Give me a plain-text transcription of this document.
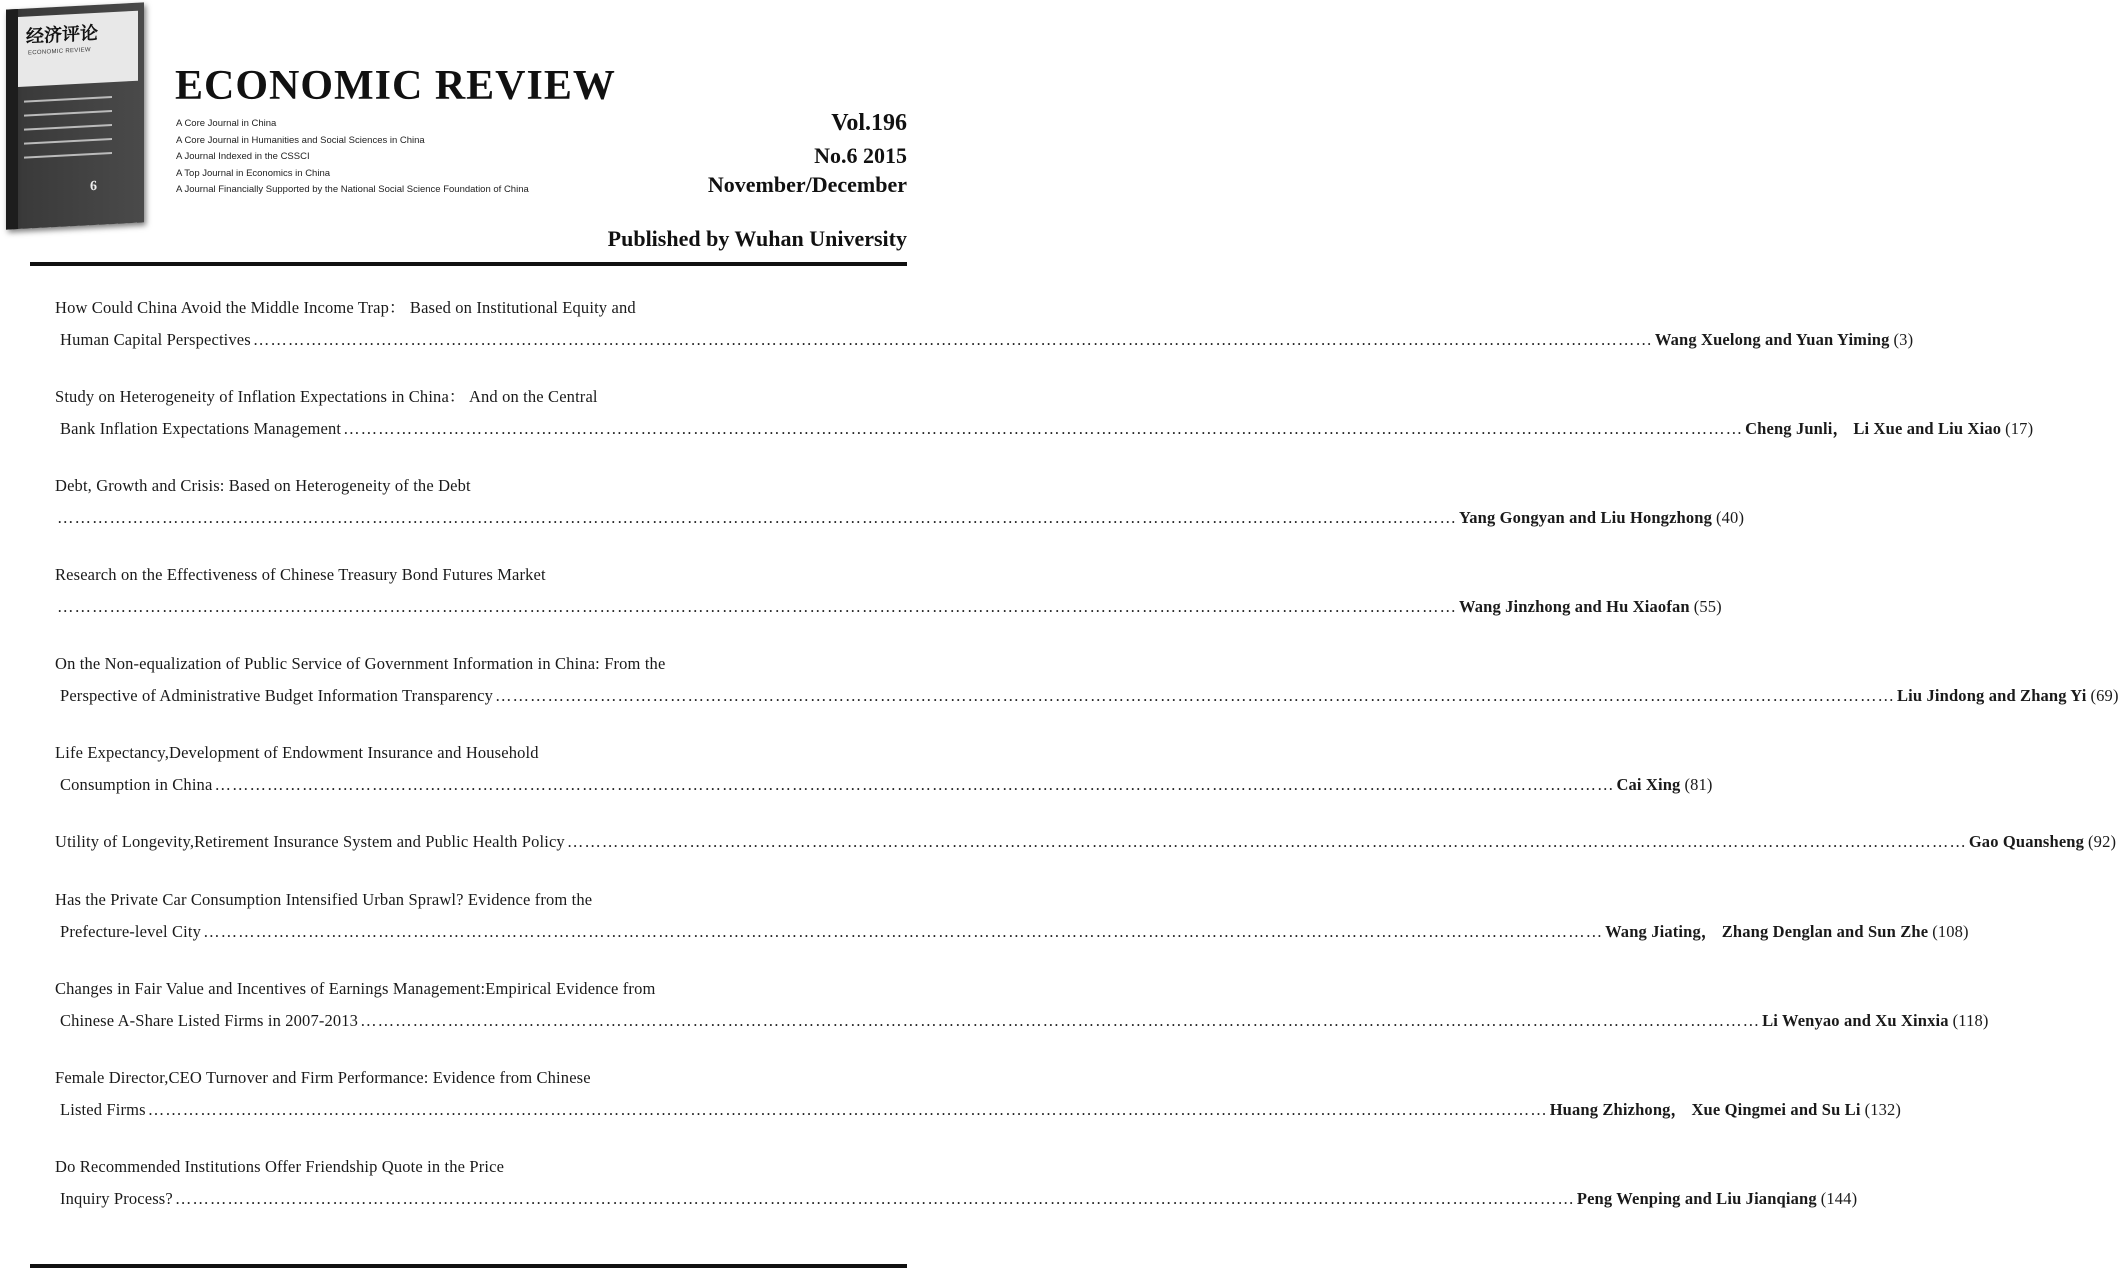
经济评论
ECONOMIC REVIEW
6
ECONOMIC REVIEW
A Core Journal in China
A Core Journal in Humanities and Social Sciences in China
A Journal Indexed in the CSSCI
A Top Journal in Economics in China
A Journal Financially Supported by the National Social Science Foundation of China
Vol.196
No.6 2015
November/December
Published by Wuhan University
How Could China Avoid the Middle Income Trap： Based on Institutional Equity and
Human Capital Perspectives …………………………………………………………………………………………………………………………………………………………………………………………………………………… Wang Xuelong and Yuan Yiming (3)
Study on Heterogeneity of Inflation Expectations in China： And on the Central
Bank Inflation Expectations Management …………………………………………………………………………………………………………………………………………………………………………………………………………………… Cheng Junli， Li Xue and Liu Xiao (17)
Debt, Growth and Crisis: Based on Heterogeneity of the Debt
…………………………………………………………………………………………………………………………………………………………………………………………………………………… Yang Gongyan and Liu Hongzhong (40)
Research on the Effectiveness of Chinese Treasury Bond Futures Market
…………………………………………………………………………………………………………………………………………………………………………………………………………………… Wang Jinzhong and Hu Xiaofan (55)
On the Non-equalization of Public Service of Government Information in China: From the
Perspective of Administrative Budget Information Transparency …………………………………………………………………………………………………………………………………………………………………………………………………………………… Liu Jindong and Zhang Yi (69)
Life Expectancy,Development of Endowment Insurance and Household
Consumption in China …………………………………………………………………………………………………………………………………………………………………………………………………………………… Cai Xing (81)
Utility of Longevity,Retirement Insurance System and Public Health Policy …………………………………………………………………………………………………………………………………………………………………………………………………………………… Gao Quansheng (92)
Has the Private Car Consumption Intensified Urban Sprawl? Evidence from the
Prefecture-level City …………………………………………………………………………………………………………………………………………………………………………………………………………………… Wang Jiating， Zhang Denglan and Sun Zhe (108)
Changes in Fair Value and Incentives of Earnings Management:Empirical Evidence from
Chinese A-Share Listed Firms in 2007-2013 …………………………………………………………………………………………………………………………………………………………………………………………………………………… Li Wenyao and Xu Xinxia (118)
Female Director,CEO Turnover and Firm Performance: Evidence from Chinese
Listed Firms …………………………………………………………………………………………………………………………………………………………………………………………………………………… Huang Zhizhong， Xue Qingmei and Su Li (132)
Do Recommended Institutions Offer Friendship Quote in the Price
Inquiry Process? …………………………………………………………………………………………………………………………………………………………………………………………………………………… Peng Wenping and Liu Jianqiang (144)
